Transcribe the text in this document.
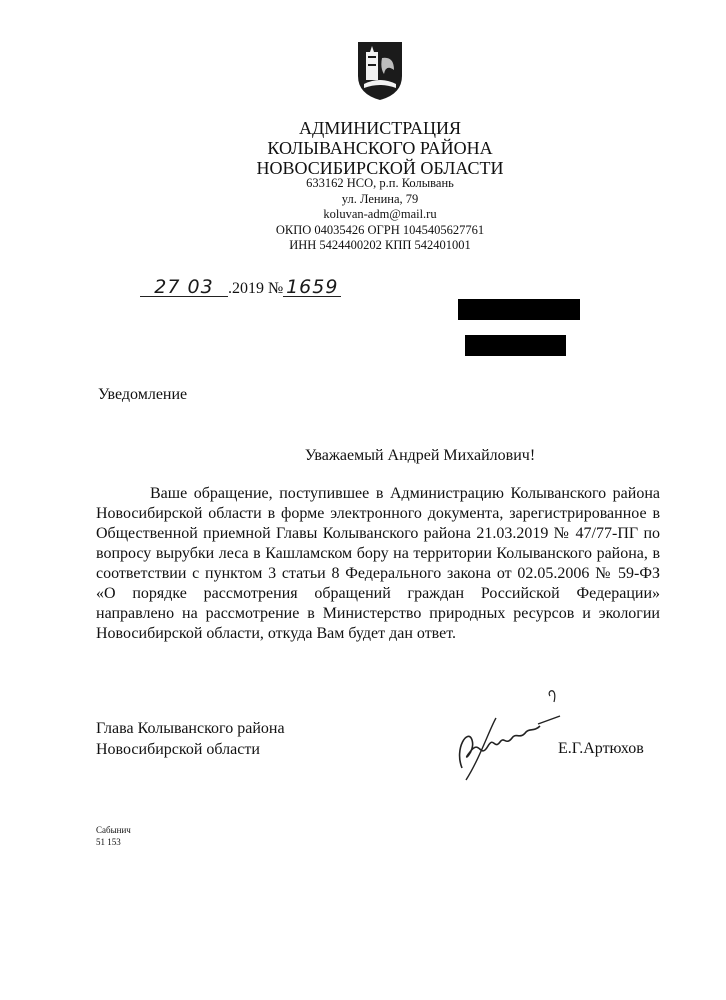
АДМИНИСТРАЦИЯ
КОЛЫВАНСКОГО РАЙОНА
НОВОСИБИРСКОЙ ОБЛАСТИ
633162 НСО, р.п. Колывань
ул. Ленина, 79
koluvan-adm@mail.ru
ОКПО 04035426 ОГРН 1045405627761
ИНН 5424400202 КПП 542401001
27 03 .2019 № 1659
Уведомление
Уважаемый Андрей Михайлович!

Ваше обращение, поступившее в Администрацию Колыванского района Новосибирской области в форме электронного документа, зарегистрированное в Общественной приемной Главы Колыванского района 21.03.2019 № 47/77-ПГ по вопросу вырубки леса в Кашламском бору на территории Колыванского района, в соответствии с пунктом 3 статьи 8 Федерального закона от 02.05.2006 № 59-ФЗ «О порядке рассмотрения обращений граждан Российской Федерации» направлено на рассмотрение в Министерство природных ресурсов и экологии Новосибирской области, откуда Вам будет дан ответ.

Глава Колыванского района
Новосибирской области	Е.Г.Артюхов
Сабынич
51 153
